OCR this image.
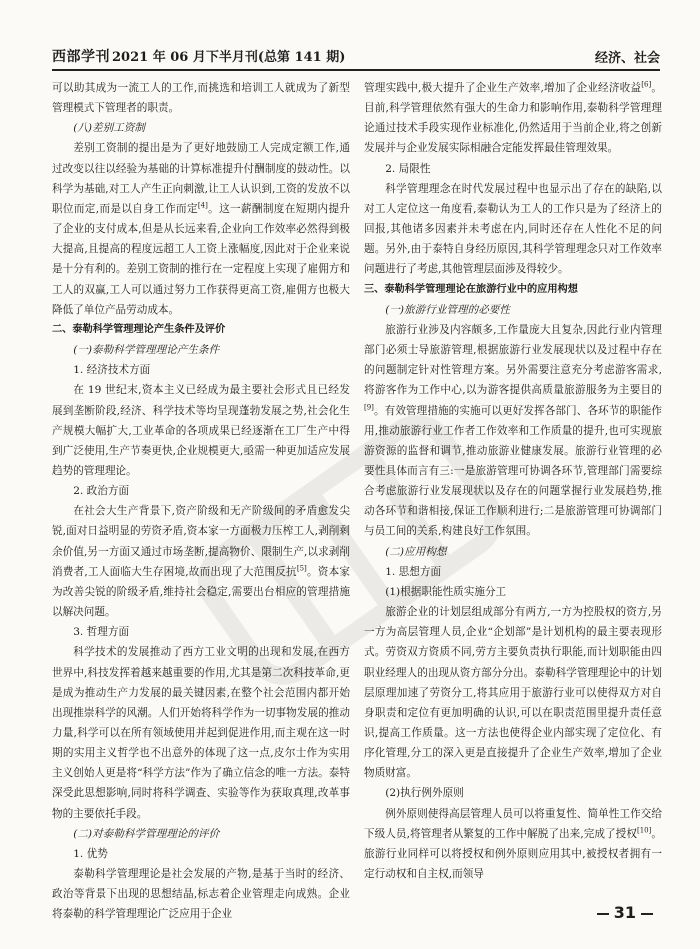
西部学刊 2021 年 06 月下半月刊(总第 141 期)	经济、社会

可以助其成为一流工人的工作,而挑选和培训工人就成为了新型管理模式下管理者的职责。

(八)差别工资制

差别工资制的提出是为了更好地鼓励工人完成定额工作,通过改变以往以经验为基础的计算标准提升付酬制度的鼓动性。以科学为基础,对工人产生正向刺激,让工人认识到,工资的发放不以职位而定,而是以自身工作而定[4]。这一薪酬制度在短期内提升了企业的支付成本,但是从长远来看,企业向工作效率必然得到极大提高,且提高的程度远超工人工资上涨幅度,因此对于企业来说是十分有利的。差别工资制的推行在一定程度上实现了雇佣方和工人的双赢,工人可以通过努力工作获得更高工资,雇佣方也极大降低了单位产品劳动成本。

二、泰勒科学管理理论产生条件及评价

(一)泰勒科学管理理论产生条件

1. 经济技术方面

在 19 世纪末,资本主义已经成为最主要社会形式且已经发展到垄断阶段,经济、科学技术等均呈现蓬勃发展之势,社会化生产规模大幅扩大,工业革命的各项成果已经逐渐在工厂生产中得到广泛使用,生产节奏更快,企业规模更大,亟需一种更加适应发展趋势的管理理论。

2. 政治方面

在社会大生产背景下,资产阶级和无产阶级间的矛盾愈发尖锐,面对日益明显的劳资矛盾,资本家一方面极力压榨工人,剥削剩余价值,另一方面又通过市场垄断,提高物价、限制生产,以求剥削消费者,工人面临大生存困境,故而出现了大范围反抗[5]。资本家为改善尖锐的阶级矛盾,维持社会稳定,需要出台相应的管理措施以解决问题。

3. 哲理方面

科学技术的发展推动了西方工业文明的出现和发展,在西方世界中,科技发挥着越来越重要的作用,尤其是第二次科技革命,更是成为推动生产力发展的最关键因素,在整个社会范围内都开始出现推崇科学的风潮。人们开始将科学作为一切事物发展的推动力量,科学可以在所有领域使用并起到促进作用,而主观在这一时期的实用主义哲学也不出意外的体现了这一点,皮尔士作为实用主义创始人更是将“科学方法”作为了确立信念的唯一方法。泰特深受此思想影响,同时将科学调查、实验等作为获取真理,改革事物的主要依托手段。

(二)对泰勒科学管理理论的评价

1. 优势

泰勒科学管理理论是社会发展的产物,是基于当时的经济、政治等背景下出现的思想结晶,标志着企业管理走向成熟。企业将泰勒的科学管理理论广泛应用于企业

管理实践中,极大提升了企业生产效率,增加了企业经济收益[6]。目前,科学管理依然有强大的生命力和影响作用,泰勒科学管理理论通过技术手段实现作业标准化,仍然适用于当前企业,将之创新发展并与企业发展实际相融合定能发挥最佳管理效果。

2. 局限性

科学管理理念在时代发展过程中也显示出了存在的缺陷,以对工人定位这一角度看,泰勒认为工人的工作只是为了经济上的回报,其他诸多因素并未考虑在内,同时还存在人性化不足的问题。另外,由于泰特自身经历原因,其科学管理理念只对工作效率问题进行了考虑,其他管理层面涉及得较少。

三、泰勒科学管理理论在旅游行业中的应用构想

(一)旅游行业管理的必要性

旅游行业涉及内容颇多,工作量庞大且复杂,因此行业内管理部门必须士导旅游管理,根据旅游行业发展现状以及过程中存在的问题制定针对性管理方案。另外需要注意充分考虑游客需求,将游客作为工作中心,以为游客提供高质量旅游服务为主要目的[9]。有效管理措施的实施可以更好发挥各部门、各环节的职能作用,推动旅游行业工作者工作效率和工作质量的提升,也可实现旅游资源的监督和调节,推动旅游业健康发展。旅游行业管理的必要性具体而言有三:一是旅游管理可协调各环节,管理部门需要综合考虑旅游行业发展现状以及存在的问题掌握行业发展趋势,推动各环节和谐相接,保证工作顺利进行;二是旅游管理可协调部门与员工间的关系,构建良好工作氛围。

(二)应用构想

1. 思想方面

(1)根据职能性质实施分工

旅游企业的计划层组成部分有两方,一方为控股权的资方,另一方为高层管理人员,企业“企划部”是计划机构的最主要表现形式。劳资双方资质不同,劳方主要负责执行职能,而计划职能由四职业经理人的出现从资方部分分出。泰勒科学管理理论中的计划层原理加速了劳资分工,将其应用于旅游行业可以使得双方对自身职责和定位有更加明确的认识,可以在职责范围里提升责任意识,提高工作质量。这一方法也使得企业内部实现了定位化、有序化管理,分工的深入更是直接提升了企业生产效率,增加了企业物质财富。

(2)执行例外原则

例外原则使得高层管理人员可以将重复性、简单性工作交给下级人员,将管理者从繁复的工作中解脱了出来,完成了授权[10]。旅游行业同样可以将授权和例外原则应用其中,被授权者拥有一定行动权和自主权,而领导

31
